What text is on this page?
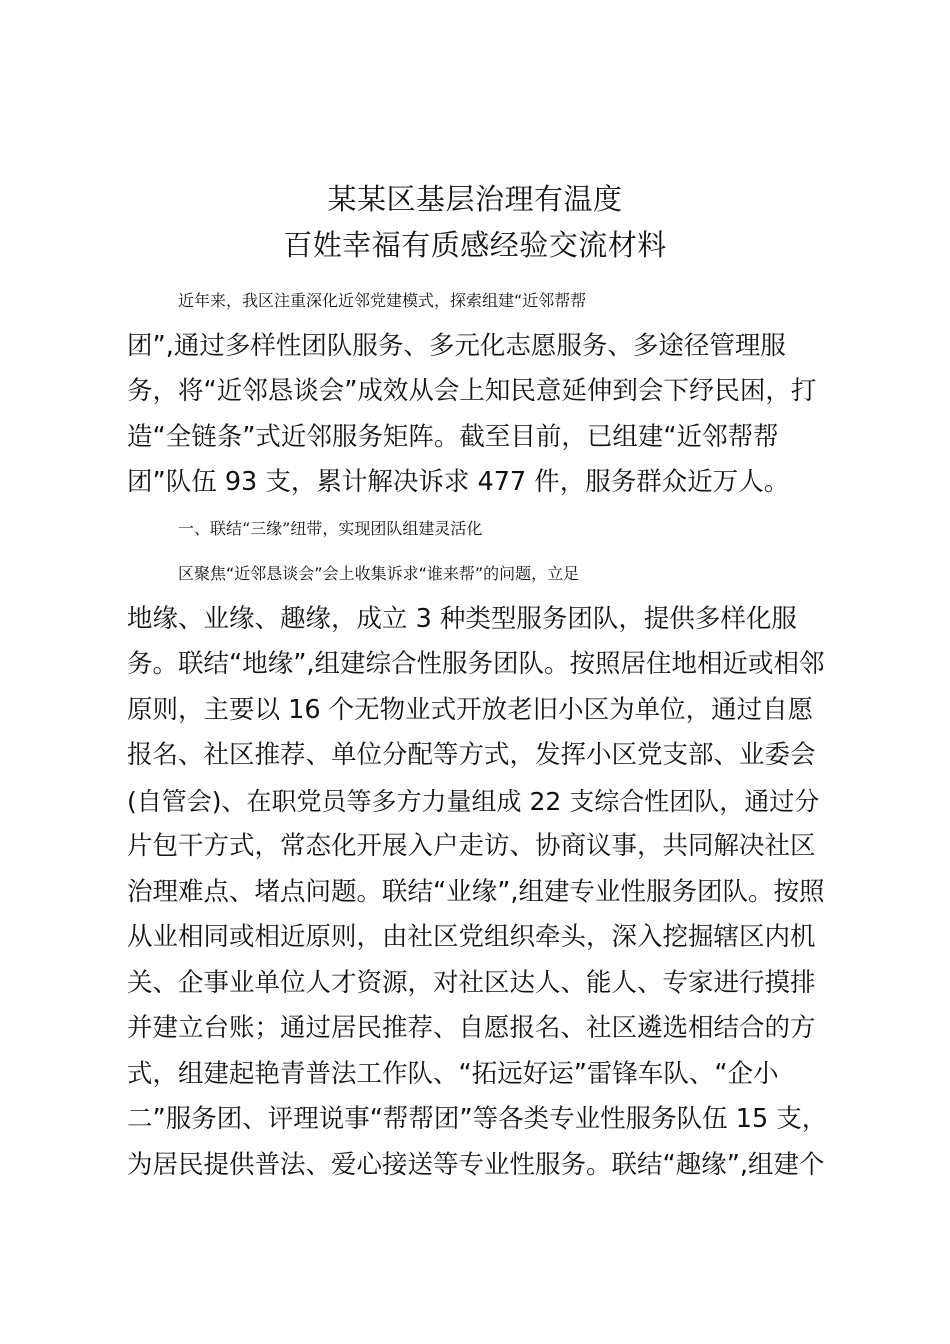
某某区基层治理有温度
百姓幸福有质感经验交流材料
近年来，我区注重深化近邻党建模式，探索组建“近邻帮帮
团”,通过多样性团队服务、多元化志愿服务、多途径管理服
务，将“近邻恳谈会”成效从会上知民意延伸到会下纾民困，打
造“全链条”式近邻服务矩阵。截至目前，已组建“近邻帮帮
团”队伍 93 支，累计解决诉求 477 件，服务群众近万人。
一、联结“三缘”纽带，实现团队组建灵活化
区聚焦“近邻恳谈会”会上收集诉求“谁来帮”的问题，立足
地缘、业缘、趣缘，成立 3 种类型服务团队，提供多样化服
务。联结“地缘”,组建综合性服务团队。按照居住地相近或相邻
原则，主要以 16 个无物业式开放老旧小区为单位，通过自愿
报名、社区推荐、单位分配等方式，发挥小区党支部、业委会
(自管会)、在职党员等多方力量组成 22 支综合性团队，通过分
片包干方式，常态化开展入户走访、协商议事，共同解决社区
治理难点、堵点问题。联结“业缘”,组建专业性服务团队。按照
从业相同或相近原则，由社区党组织牵头，深入挖掘辖区内机
关、企事业单位人才资源，对社区达人、能人、专家进行摸排
并建立台账；通过居民推荐、自愿报名、社区遴选相结合的方
式，组建起艳青普法工作队、“拓远好运”雷锋车队、“企小
二”服务团、评理说事“帮帮团”等各类专业性服务队伍 15 支，
为居民提供普法、爱心接送等专业性服务。联结“趣缘”,组建个
